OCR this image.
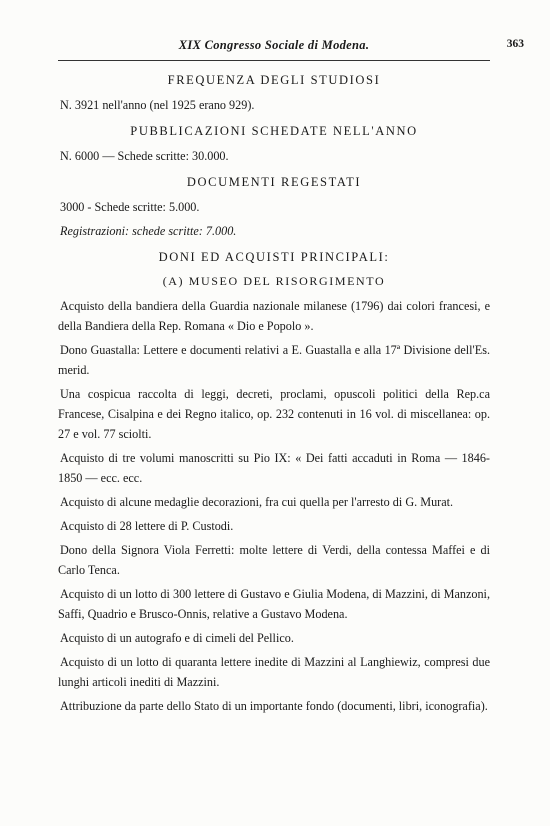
XIX Congresso Sociale di Modena.	363
FREQUENZA DEGLI STUDIOSI
N. 3921 nell'anno (nel 1925 erano 929).
PUBBLICAZIONI SCHEDATE NELL'ANNO
N. 6000 — Schede scritte: 30.000.
DOCUMENTI REGESTATI
3000 - Schede scritte: 5.000.
Registrazioni: schede scritte: 7.000.
DONI ED ACQUISTI PRINCIPALI:
(A) MUSEO DEL RISORGIMENTO

Acquisto della bandiera della Guardia nazionale milanese (1796) dai colori francesi, e della Bandiera della Rep. Romana « Dio e Popolo ».

Dono Guastalla: Lettere e documenti relativi a E. Guastalla e alla 17ª Divisione dell'Es. merid.

Una cospicua raccolta di leggi, decreti, proclami, opuscoli politici della Rep.ca Francese, Cisalpina e dei Regno italico, op. 232 contenuti in 16 vol. di miscellanea: op. 27 e vol. 77 sciolti.

Acquisto di tre volumi manoscritti su Pio IX: « Dei fatti accaduti in Roma — 1846-1850 — ecc. ecc.

Acquisto di alcune medaglie decorazioni, fra cui quella per l'arresto di G. Murat.

Acquisto di 28 lettere di P. Custodi.

Dono della Signora Viola Ferretti: molte lettere di Verdi, della contessa Maffei e di Carlo Tenca.

Acquisto di un lotto di 300 lettere di Gustavo e Giulia Modena, di Mazzini, di Manzoni, Saffi, Quadrio e Brusco-Onnis, relative a Gustavo Modena.

Acquisto di un autografo e di cimeli del Pellico.

Acquisto di un lotto di quaranta lettere inedite di Mazzini al Langhiewiz, compresi due lunghi articoli inediti di Mazzini.

Attribuzione da parte dello Stato di un importante fondo (documenti, libri, iconografia).
